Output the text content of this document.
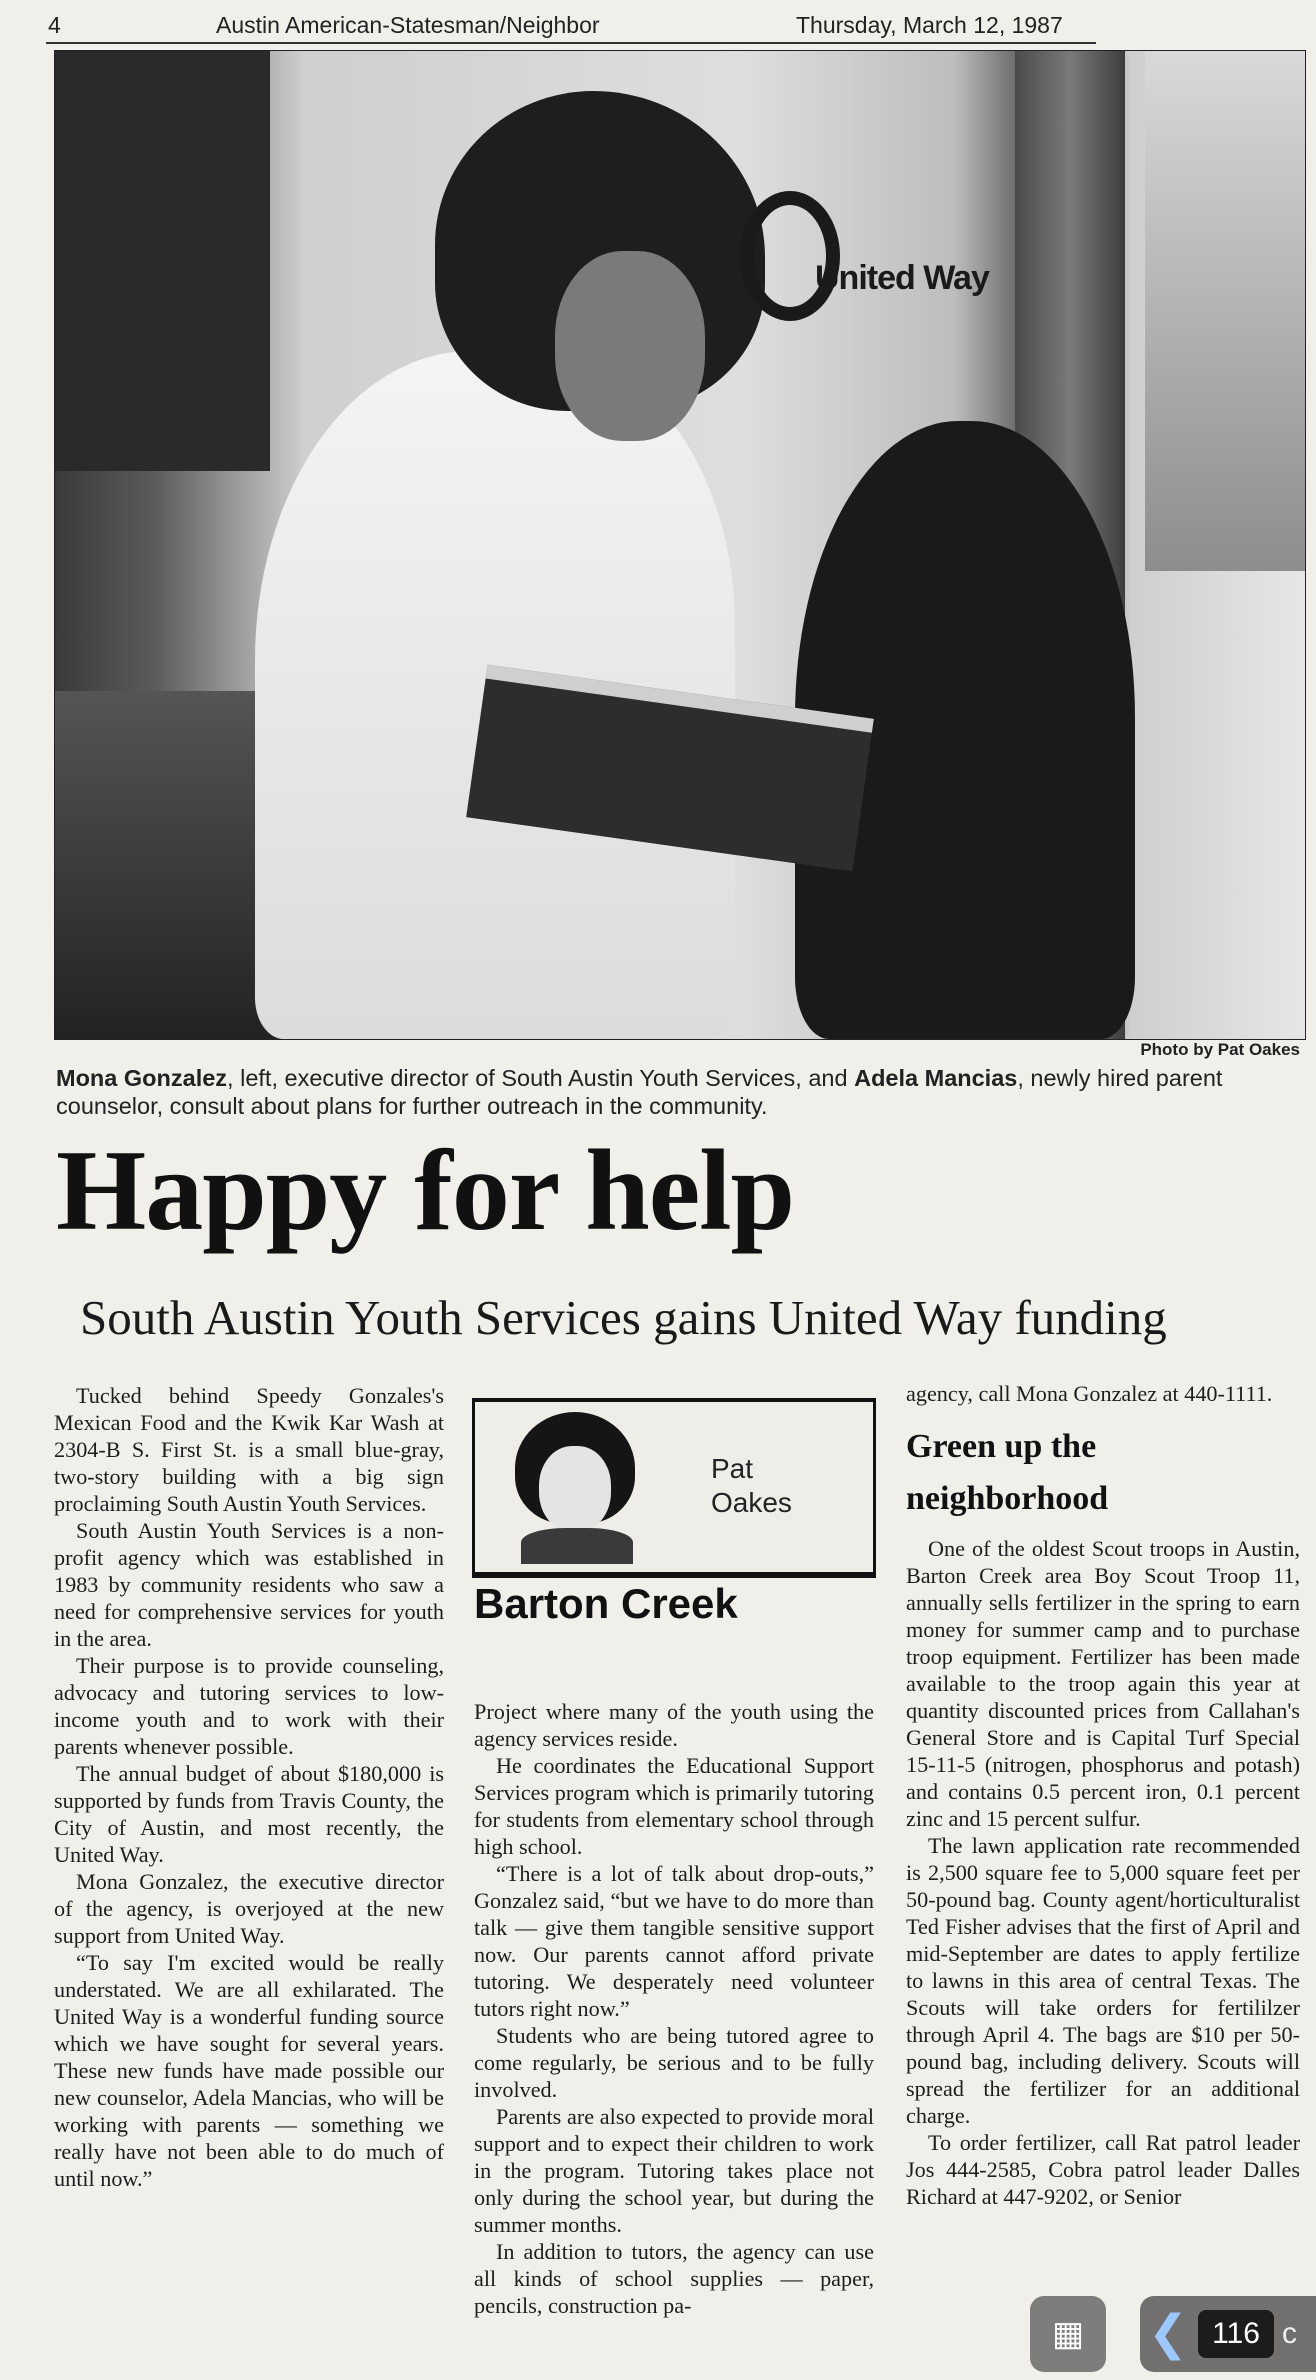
4	Austin American-Statesman/Neighbor	Thursday, March 12, 1987
United Way
Photo by Pat Oakes
Mona Gonzalez, left, executive director of South Austin Youth Services, and Adela Mancias, newly hired parent counselor, consult about plans for further outreach in the community.
Happy for help
South Austin Youth Services gains United Way funding

Tucked behind Speedy Gonzales's Mexican Food and the Kwik Kar Wash at 2304-B S. First St. is a small blue-gray, two-story building with a big sign proclaiming South Austin Youth Services.

South Austin Youth Services is a non-profit agency which was established in 1983 by community residents who saw a need for comprehensive services for youth in the area.

Their purpose is to provide counseling, advocacy and tutoring services to low-income youth and to work with their parents whenever possible.

The annual budget of about $180,000 is supported by funds from Travis County, the City of Austin, and most recently, the United Way.

Mona Gonzalez, the executive director of the agency, is overjoyed at the new support from United Way.

“To say I'm excited would be really understated. We are all exhilarated. The United Way is a wonderful funding source which we have sought for several years. These new funds have made possible our new counselor, Adela Mancias, who will be working with parents — something we really have not been able to do much of until now.”

Pat Oakes
Barton Creek

Project where many of the youth using the agency services reside.

He coordinates the Educational Support Services program which is primarily tutoring for students from elementary school through high school.

“There is a lot of talk about drop-outs,” Gonzalez said, “but we have to do more than talk — give them tangible sensitive support now. Our parents cannot afford private tutoring. We desperately need volunteer tutors right now.”

Students who are being tutored agree to come regularly, be serious and to be fully involved.

Parents are also expected to provide moral support and to expect their children to work in the program. Tutoring takes place not only during the school year, but during the summer months.

In addition to tutors, the agency can use all kinds of school supplies — paper, pencils, construction pa-

agency, call Mona Gonzalez at 440-1111.

Green up the neighborhood

One of the oldest Scout troops in Austin, Barton Creek area Boy Scout Troop 11, annually sells fertilizer in the spring to earn money for summer camp and to purchase troop equipment. Fertilizer has been made available to the troop again this year at quantity discounted prices from Callahan's General Store and is Capital Turf Special 15-11-5 (nitrogen, phosphorus and potash) and contains 0.5 percent iron, 0.1 percent zinc and 15 percent sulfur.

The lawn application rate recommended is 2,500 square fee to 5,000 square feet per 50-pound bag. County agent/horticulturalist Ted Fisher advises that the first of April and mid-September are dates to apply fertilize to lawns in this area of central Texas. The Scouts will take orders for fertililzer through April 4. The bags are $10 per 50-pound bag, including delivery. Scouts will spread the fertilizer for an additional charge.

To order fertilizer, call Rat patrol leader Jos 444-2585, Cobra patrol leader Dalles Richard at 447-9202, or Senior

▦	❮ 116 c
